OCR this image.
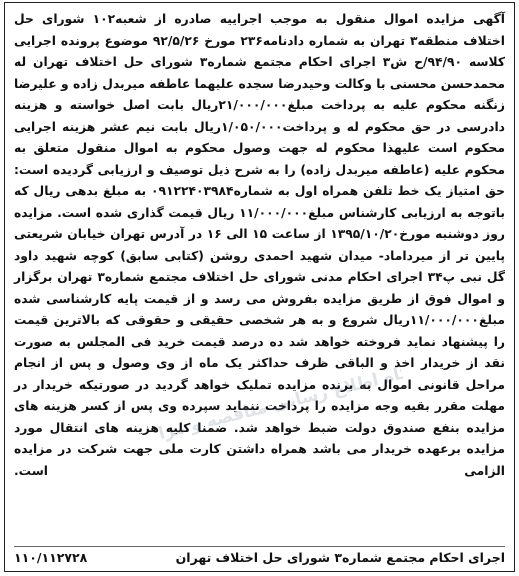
آگهی مزایده اموال منقول به موجب اجراییه صادره از شعبه۱۰۲ شورای حل اختلاف منطقه۳ تهران به شماره دادنامه۲۳۶ مورخ ۹۲/۵/۲۶ موضوع پرونده اجرایی کلاسه ۹۴/۹۰/ح ش۳ اجرای احکام مجتمع شماره۳ شورای حل اختلاف تهران له محمدحسن محسنی با وکالت وحیدرضا سجده علیهما عاطفه میربدل زاده و علیرضا زنگنه محکوم علیه به پرداخت مبلغ۲۱/۰۰۰/۰۰۰ریال بابت اصل خواسته و هزینه دادرسی در حق محکوم له و پرداخت۱/۰۵۰/۰۰۰ریال بابت نیم عشر هزینه اجرایی محکوم است علیهذا محکوم له جهت وصول محکوم به اموال منقول متعلق به محکوم علیه (عاطفه میربدل زاده) را به شرح ذیل توصیف و ارزیابی گردیده است: حق امتیاز یک خط تلفن همراه اول به شماره۰۹۱۲۲۴۰۳۹۸۴ به مبلغ بدهی ریال که باتوجه به ارزیابی کارشناس مبلغ۱۱/۰۰۰/۰۰۰ ریال قیمت گذاری شده است. مزایده روز دوشنبه مورخ۱۳۹۵/۱۰/۲۰ از ساعت ۱۵ الی ۱۶ در آدرس تهران خیابان شریعتی پایین تر از میرداماد- میدان شهید احمدی روشن (کتابی سابق) کوچه شهید داود گل نبی پ۳۴ اجرای احکام مدنی شورای حل اختلاف مجتمع شماره۳ تهران برگزار و اموال فوق از طریق مزایده بفروش می رسد و از قیمت پایه کارشناسی شده مبلغ۱۱/۰۰۰/۰۰۰ریال شروع و به هر شخصی حقیقی و حقوقی که بالاترین قیمت را پیشنهاد نماید فروخته خواهد شد ده درصد قیمت خرید فی المجلس به صورت نقد از خریدار اخذ و الباقی ظرف حداکثر یک ماه از وی وصول و پس از انجام مراحل قانونی اموال به برنده مزایده تملیک خواهد گردید در صورتیکه خریدار در مهلت مقرر بقیه وجه مزایده را پرداخت ننماید سپرده وی پس از کسر هزینه های مزایده بنفع صندوق دولت ضبط خواهد شد. ضمنا کلیه هزینه های انتقال مورد مزایده برعهده خریدار می باشد همراه داشتن کارت ملی جهت شرکت در مزایده الزامی است.

پایگاه اطلاع رسانی مناقصه و مزایده
اجرای احکام مجتمع شماره۳ شورای حل اختلاف تهران
۱۱۰/۱۱۲۷۲۸
